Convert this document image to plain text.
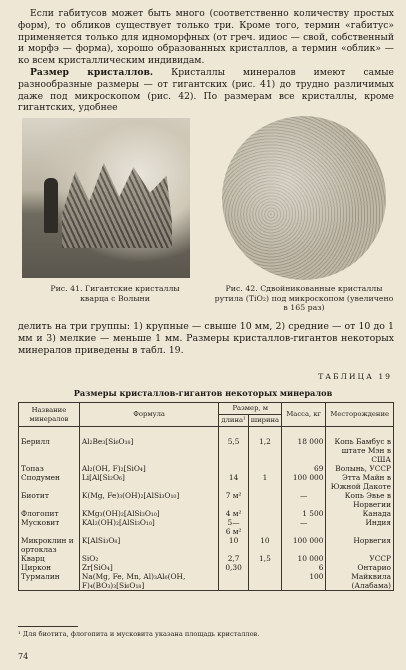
Если габитусов может быть много (соответственно количеству простых форм), то обликов существует только три. Кроме того, термин «габитус» применяется только для идноморфных (от греч. идиос — свой, собственный и морфэ — форма), хорошо образованных кристаллов, а термин «облик» — ко всем кристаллическим индивидам.

Размер кристаллов. Кристаллы минералов имеют самые разнообразные размеры — от гигантских (рис. 41) до трудно различимых даже под микроскопом (рис. 42). По размерам все кристаллы, кроме гигантских, удобнее

Рис. 41. Гигантские кристаллы кварца с Волыни
Рис. 42. Сдвойникованные кристаллы рутила (TiO₂) под микроскопом (увеличено в 165 раз)

делить на три группы: 1) крупные — свыше 10 мм, 2) средние — от 10 до 1 мм и 3) мелкие — меньше 1 мм. Размеры кристаллов-гигантов некоторых минералов приведены в табл. 19.

ТАБЛИЦА 19
Размеры кристаллов-гигантов некоторых минералов
Название минералов	Формула	Размер, м		Масса, кг	Месторождение
		длина¹	ширина		

Берилл	Al₂Be₃[Si₆O₁₈]	5,5	1,2	18 000	Копь Бамбус в штате Мэн в США
Топаз	Al₂(OH, F)₂[SiO₄]			69	Волынь, УССР
Сподумен	Li[Al[Si₂O₆]	14	1	100 000	Этта Майн в Южной Дакоте
Биотит	K(Mg, Fe)₃(OH)₂[AlSi₃O₁₀]	7 м²		—	Копь Эвье в Норвегии
Флогопит	KMg₃(OH)₂[AlSi₃O₁₀]	4 м²		1 500	Канада
Мусковит	KAl₂(OH)₂[AlSi₃O₁₀]	5—		—	Индия
		6 м²			
Микроклин и ортоклаз	K[AlSi₃O₈]	10	10	100 000	Норвегия
Кварц	SiO₂	2,7	1,5	10 000	УССР
Циркон	Zr[SiO₄]	0,30		6	Онтарио
Турмалин	Na(Mg, Fe, Mn, Al)₃Al₆(OH, F)₄(BO₃)₃[Si₆O₁₈]			100	Майквила (Алабама)
¹ Для биотита, флогопита и мусковита указана площадь кристаллов.
74
